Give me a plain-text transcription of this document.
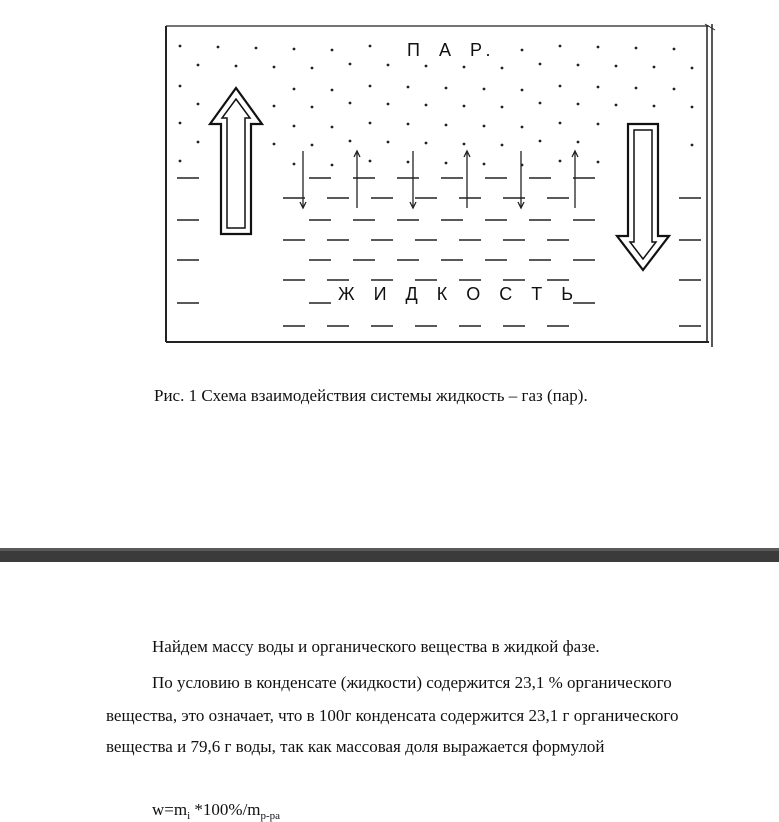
П А Р.
Ж И Д К О С Т Ь
Рис. 1 Схема взаимодействия системы жидкость – газ (пар).
Найдем массу воды и органического вещества в жидкой фазе.
По условию в конденсате (жидкости) содержится 23,1 % органического
вещества, это означает, что в 100г конденсата содержится 23,1 г органического
вещества и 79,6 г воды, так как массовая доля выражается формулой
$w=m_i$ $*100\%/m_{р-ра}$
